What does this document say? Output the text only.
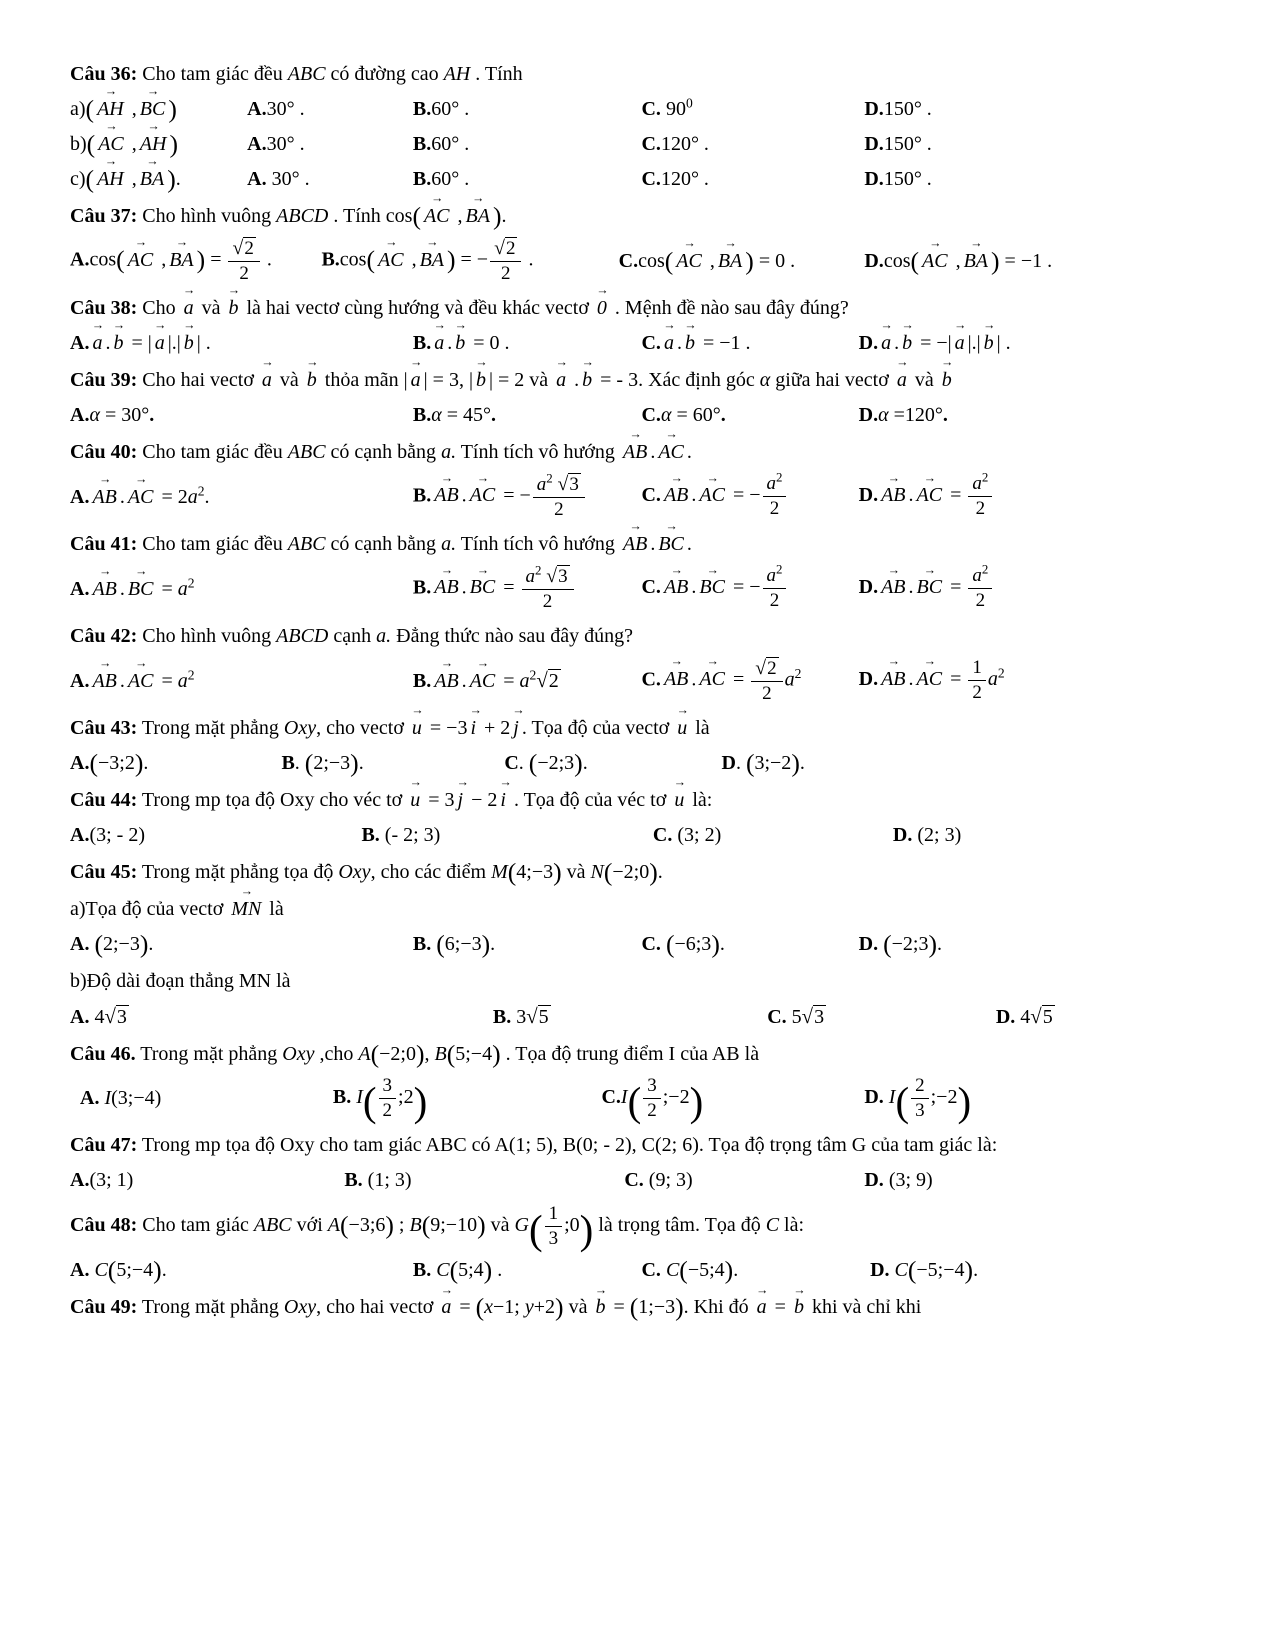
Câu 36: Cho tam giác đều ABC có đường cao AH . Tính
a)( AH → , BC → )	A.30° .	B.60° .	C. $90^0$	D.150° .
b)( AC → , AH → )	A.30° .	B.60° .	C.120° .	D.150° .
c)( AH → , BA → ).	A. 30° .	B.60° .	C.120° .	D.150° .
Câu 37: Cho hình vuông ABCD . Tính cos( AC → , BA → ).
A.cos( AC → , BA → ) = $\frac{√2}{2}$ .	B.cos( AC → , BA → ) = − $\frac{√2}{2}$ .	C.cos( AC → , BA → ) = 0 .	D.cos( AC → , BA → ) = −1 .
Câu 38: Cho a → và b → là hai vectơ cùng hướng và đều khác vectơ 0 → . Mệnh đề nào sau đây đúng?
A. a → . b → = | a → |.| b → | .	B. a → . b → = 0 .	C. a → . b → = −1 .	D. a → . b → = −| a → |.| b → | .
Câu 39: Cho hai vectơ a → và b → thỏa mãn | a → | = 3, | b → | = 2 và a → . b → = - 3. Xác định góc α giữa hai vectơ a → và b →
A.α = 30°.	B.α = 45°.	C.α = 60°.	D.α =120°.
Câu 40: Cho tam giác đều ABC có cạnh bằng a. Tính tích vô hướng AB → . AC → .
A. AB → . AC → = $2a^2$.	B. AB → . AC → = − $\frac{a^2 √3}{2}$	C. AB → . AC → = − $\frac{a^2}{2}$	D. AB → . AC → = $\frac{a^2}{2}$
Câu 41: Cho tam giác đều ABC có cạnh bằng a. Tính tích vô hướng AB → . BC → .
A. AB → . BC → = $a^2$	B. AB → . BC → = $\frac{a^2 √3}{2}$	C. AB → . BC → = − $\frac{a^2}{2}$	D. AB → . BC → = $\frac{a^2}{2}$
Câu 42: Cho hình vuông ABCD cạnh a. Đẳng thức nào sau đây đúng?
A. AB → . AC → = $a^2$	B. AB → . AC → = $a^2√2$	C. AB → . AC → = $\frac{√2}{2} a^2$	D. AB → . AC → = $\frac{1}{2} a^2$
Câu 43: Trong mặt phẳng Oxy, cho vectơ u → = −3 i → + 2 j → . Tọa độ của vectơ u → là
A.(−3;2).	B. (2;−3).	C. (−2;3).	D. (3;−2).
Câu 44: Trong mp tọa độ Oxy cho véc tơ u → = 3 j → − 2 i → . Tọa độ của véc tơ u → là:
A.(3; - 2)	B. (- 2; 3)	C. (3; 2)	D. (2; 3)
Câu 45: Trong mặt phẳng tọa độ Oxy, cho các điểm M(4;−3) và N(−2;0).
a)Tọa độ của vectơ MN → là
A. (2;−3).	B. (6;−3).	C. (−6;3).	D. (−2;3).
b)Độ dài đoạn thẳng MN là
A. 4√3	B. 3√5	C. 5√3	D. 4√5
Câu 46. Trong mặt phẳng Oxy ,cho A(−2;0), B(5;−4) . Tọa độ trung điểm I của AB là
A. I(3;−4)	B. $I( \frac{3}{2}$ ;2)	$C.I( \frac{3}{2}$ ;−2)	D. $I( \frac{2}{3}$ ;−2)
Câu 47: Trong mp tọa độ Oxy cho tam giác ABC có A(1; 5), B(0; - 2), C(2; 6). Tọa độ trọng tâm G của tam giác là:
A.(3; 1)	B. (1; 3)	C. (9; 3)	D. (3; 9)
Câu 48: Cho tam giác ABC với A(−3;6) ; B(9;−10) và $G( \frac{1}{3}$ ;0) là trọng tâm. Tọa độ C là:
A. C(5;−4).	B. C(5;4) .	C. C(−5;4).	D. C(−5;−4).
Câu 49: Trong mặt phẳng Oxy, cho hai vectơ a → = (x−1; y+2) và b → = (1;−3). Khi đó a → = b → khi và chỉ khi
